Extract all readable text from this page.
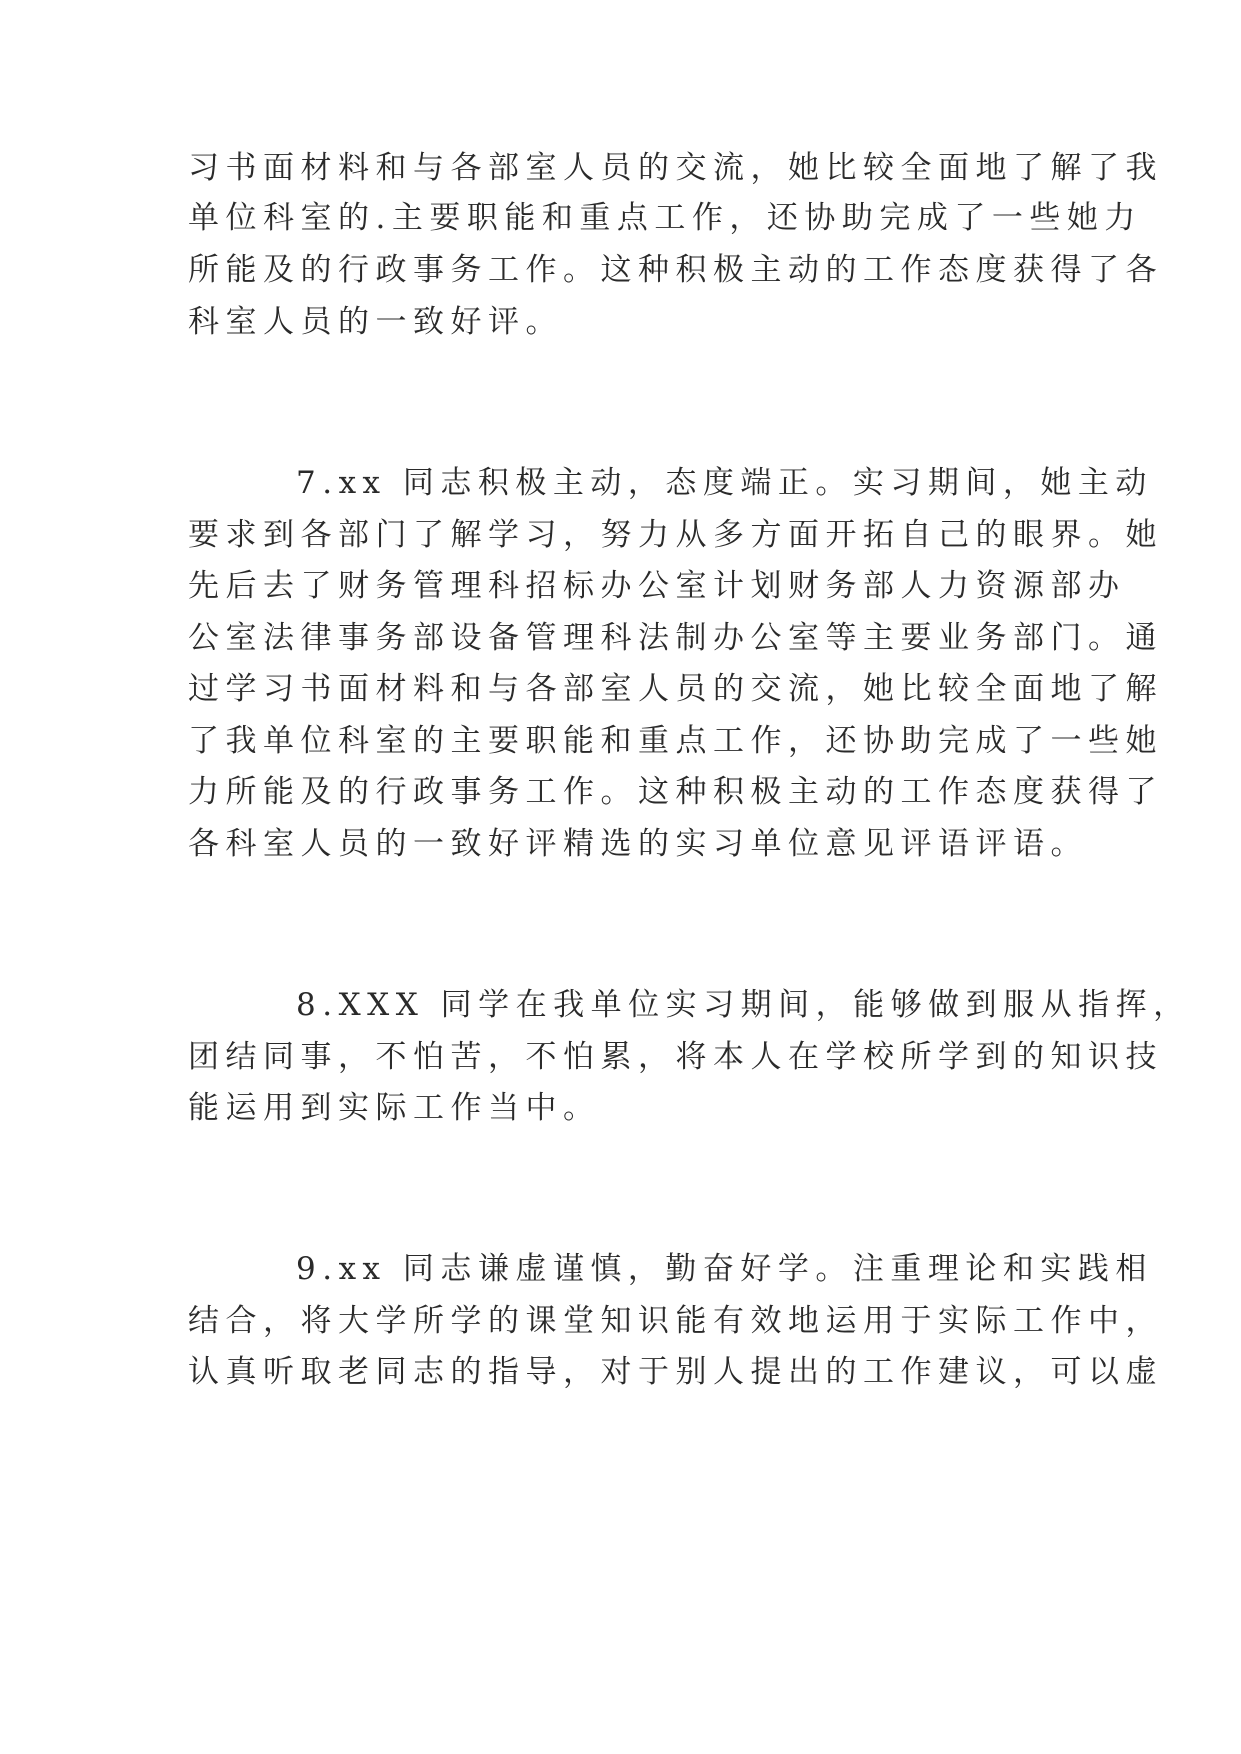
习书面材料和与各部室人员的交流，她比较全面地了解了我
单位科室的.主要职能和重点工作，还协助完成了一些她力
所能及的行政事务工作。这种积极主动的工作态度获得了各
科室人员的一致好评。
7.xx 同志积极主动，态度端正。实习期间，她主动
要求到各部门了解学习，努力从多方面开拓自己的眼界。她
先后去了财务管理科招标办公室计划财务部人力资源部办
公室法律事务部设备管理科法制办公室等主要业务部门。通
过学习书面材料和与各部室人员的交流，她比较全面地了解
了我单位科室的主要职能和重点工作，还协助完成了一些她
力所能及的行政事务工作。这种积极主动的工作态度获得了
各科室人员的一致好评精选的实习单位意见评语评语。
8.XXX 同学在我单位实习期间，能够做到服从指挥，
团结同事，不怕苦，不怕累，将本人在学校所学到的知识技
能运用到实际工作当中。
9.xx 同志谦虚谨慎，勤奋好学。注重理论和实践相
结合，将大学所学的课堂知识能有效地运用于实际工作中，
认真听取老同志的指导，对于别人提出的工作建议，可以虚
